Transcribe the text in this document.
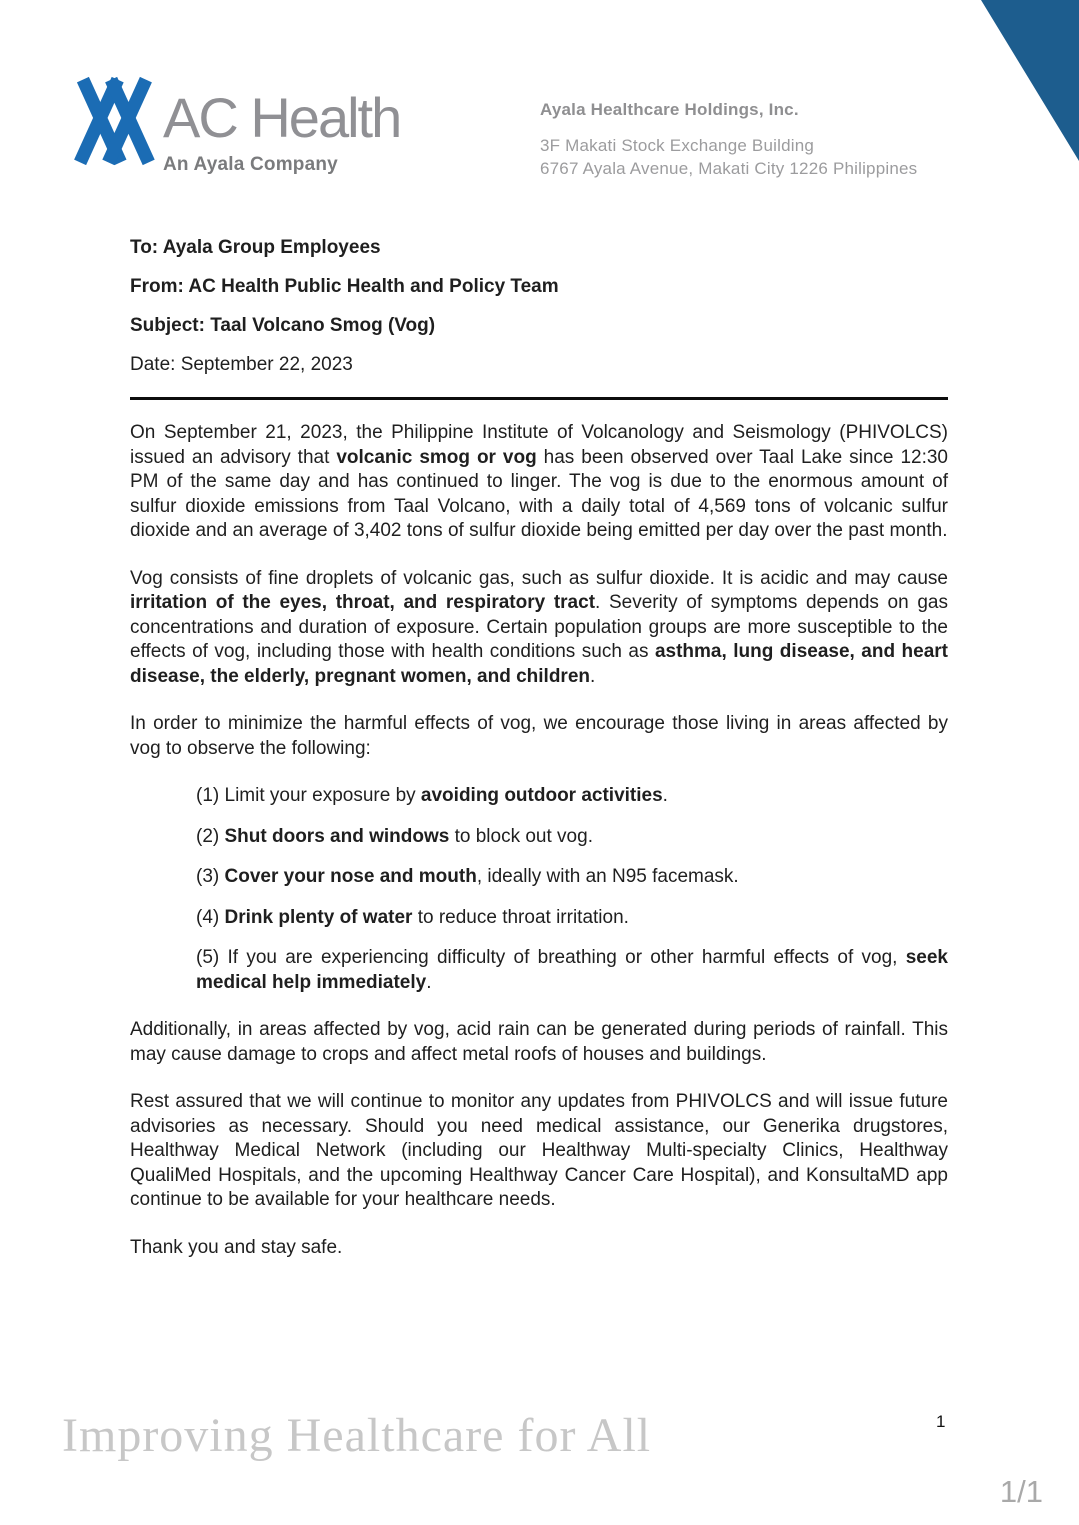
AC Health
An Ayala Company
Ayala Healthcare Holdings, Inc.
3F Makati Stock Exchange Building
6767 Ayala Avenue, Makati City 1226 Philippines

To: Ayala Group Employees

From: AC Health Public Health and Policy Team

Subject: Taal Volcano Smog (Vog)

Date: September 22, 2023

On September 21, 2023, the Philippine Institute of Volcanology and Seismology (PHIVOLCS) issued an advisory that volcanic smog or vog has been observed over Taal Lake since 12:30 PM of the same day and has continued to linger. The vog is due to the enormous amount of sulfur dioxide emissions from Taal Volcano, with a daily total of 4,569 tons of volcanic sulfur dioxide and an average of 3,402 tons of sulfur dioxide being emitted per day over the past month.
Vog consists of fine droplets of volcanic gas, such as sulfur dioxide. It is acidic and may cause irritation of the eyes, throat, and respiratory tract. Severity of symptoms depends on gas concentrations and duration of exposure. Certain population groups are more susceptible to the effects of vog, including those with health conditions such as asthma, lung disease, and heart disease, the elderly, pregnant women, and children.
In order to minimize the harmful effects of vog, we encourage those living in areas affected by vog to observe the following:
(1) Limit your exposure by avoiding outdoor activities.
(2) Shut doors and windows to block out vog.
(3) Cover your nose and mouth, ideally with an N95 facemask.
(4) Drink plenty of water to reduce throat irritation.
(5) If you are experiencing difficulty of breathing or other harmful effects of vog, seek medical help immediately.
Additionally, in areas affected by vog, acid rain can be generated during periods of rainfall. This may cause damage to crops and affect metal roofs of houses and buildings.
Rest assured that we will continue to monitor any updates from PHIVOLCS and will issue future advisories as necessary. Should you need medical assistance, our Generika drugstores, Healthway Medical Network (including our Healthway Multi-specialty Clinics, Healthway QualiMed Hospitals, and the upcoming Healthway Cancer Care Hospital), and KonsultaMD app continue to be available for your healthcare needs.
Thank you and stay safe.
Improving Healthcare for All	1
1/1
